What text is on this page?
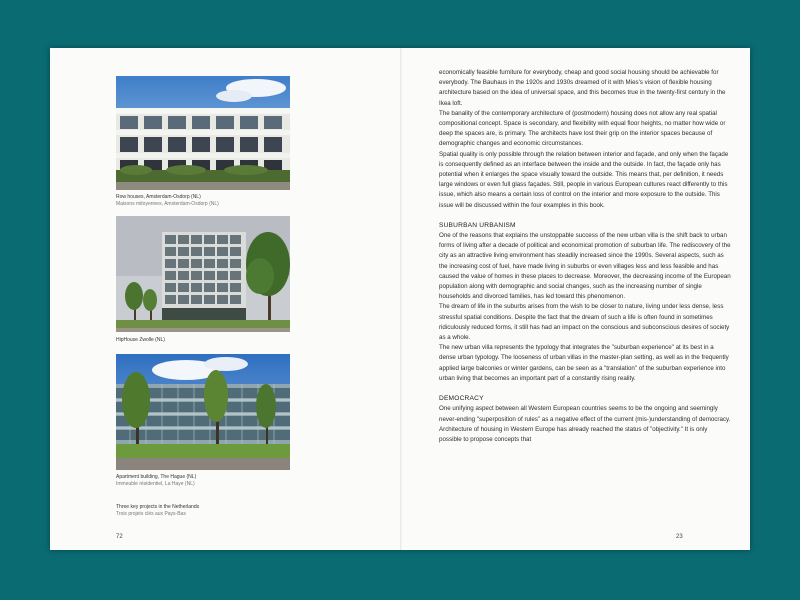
Row houses, Amsterdam-Osdorp (NL)
Maisons mitoyennes, Amsterdam-Osdorp (NL)
HipHouse Zwolle (NL)
Apartment building, The Hague (NL)
Immeuble résidentiel, La Haye (NL)
Three key projects in the Netherlands
Trois projets clés aux Pays-Bas
72

economically feasible furniture for everybody, cheap and good social housing should be achievable for everybody. The Bauhaus in the 1920s and 1930s dreamed of it with Mies's vision of flexible housing architecture based on the idea of universal space, and this becomes true in the twenty-first century in the Ikea loft.

The banality of the contemporary architecture of (postmodern) housing does not allow any real spatial compositional concept. Space is secondary, and flexibility with equal floor heights, no matter how wide or deep the spaces are, is primary. The architects have lost their grip on the interior spaces because of demographic changes and economic circumstances.

Spatial quality is only possible through the relation between interior and façade, and only when the façade is consequently defined as an interface between the inside and the outside. In fact, the façade only has potential when it enlarges the space visually toward the outside. This means that, per definition, it needs large windows or even full glass façades. Still, people in various European cultures react differently to this issue, which also means a certain loss of control on the interior and more exposure to the outside. This issue will be discussed within the four examples in this book.

SUBURBAN URBANISM

One of the reasons that explains the unstoppable success of the new urban villa is the shift back to urban forms of living after a decade of political and economical promotion of suburban life. The rediscovery of the city as an attractive living environment has steadily increased since the 1990s. Several aspects, such as the increasing cost of fuel, have made living in suburbs or even villages less and less feasible and has caused the value of homes in these places to decrease. Moreover, the decreasing income of the European population along with demographic and social changes, such as the increasing number of single households and divorced families, has led toward this phenomenon.

The dream of life in the suburbs arises from the wish to be closer to nature, living under less dense, less stressful spatial conditions. Despite the fact that the dream of such a life is often found in sometimes ridiculously reduced forms, it still has had an impact on the conscious and subconscious desires of society as a whole.

The new urban villa represents the typology that integrates the "suburban experience" at its best in a dense urban typology. The looseness of urban villas in the master-plan setting, as well as in the frequently applied large balconies or winter gardens, can be seen as a "translation" of the suburban experience into urban living that becomes an important part of a constantly rising reality.

DEMOCRACY

One unifying aspect between all Western European countries seems to be the ongoing and seemingly never-ending "superposition of rules" as a negative effect of the current (mis-)understanding of democracy. Architecture of housing in Western Europe has already reached the status of "objectivity." It is only possible to propose concepts that

23
